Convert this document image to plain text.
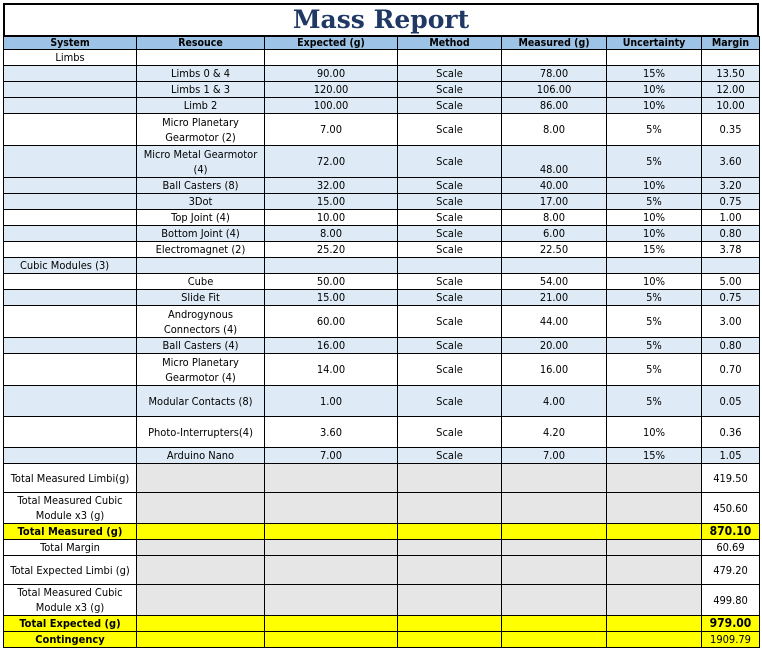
Mass Report
System	Resouce	Expected (g)	Method	Measured (g)	Uncertainty	Margin
Limbs						
	Limbs 0 & 4	90.00	Scale	78.00	15%	13.50
	Limbs 1 & 3	120.00	Scale	106.00	10%	12.00
	Limb 2	100.00	Scale	86.00	10%	10.00
	Micro Planetary Gearmotor (2)	7.00	Scale	8.00	5%	0.35
	Micro Metal Gearmotor (4)	72.00	Scale	48.00	5%	3.60
	Ball Casters (8)	32.00	Scale	40.00	10%	3.20
	3Dot	15.00	Scale	17.00	5%	0.75
	Top Joint (4)	10.00	Scale	8.00	10%	1.00
	Bottom Joint (4)	8.00	Scale	6.00	10%	0.80
	Electromagnet (2)	25.20	Scale	22.50	15%	3.78
Cubic Modules (3)						
	Cube	50.00	Scale	54.00	10%	5.00
	Slide Fit	15.00	Scale	21.00	5%	0.75
	Androgynous Connectors (4)	60.00	Scale	44.00	5%	3.00
	Ball Casters (4)	16.00	Scale	20.00	5%	0.80
	Micro Planetary Gearmotor (4)	14.00	Scale	16.00	5%	0.70
	Modular Contacts (8)	1.00	Scale	4.00	5%	0.05
	Photo-Interrupters(4)	3.60	Scale	4.20	10%	0.36
	Arduino Nano	7.00	Scale	7.00	15%	1.05
Total Measured Limbi(g)						419.50
Total Measured Cubic Module x3 (g)						450.60
Total Measured (g)						870.10
Total Margin						60.69
Total Expected Limbi (g)						479.20
Total Measured Cubic Module x3 (g)						499.80
Total Expected (g)						979.00
Contingency						1909.79
